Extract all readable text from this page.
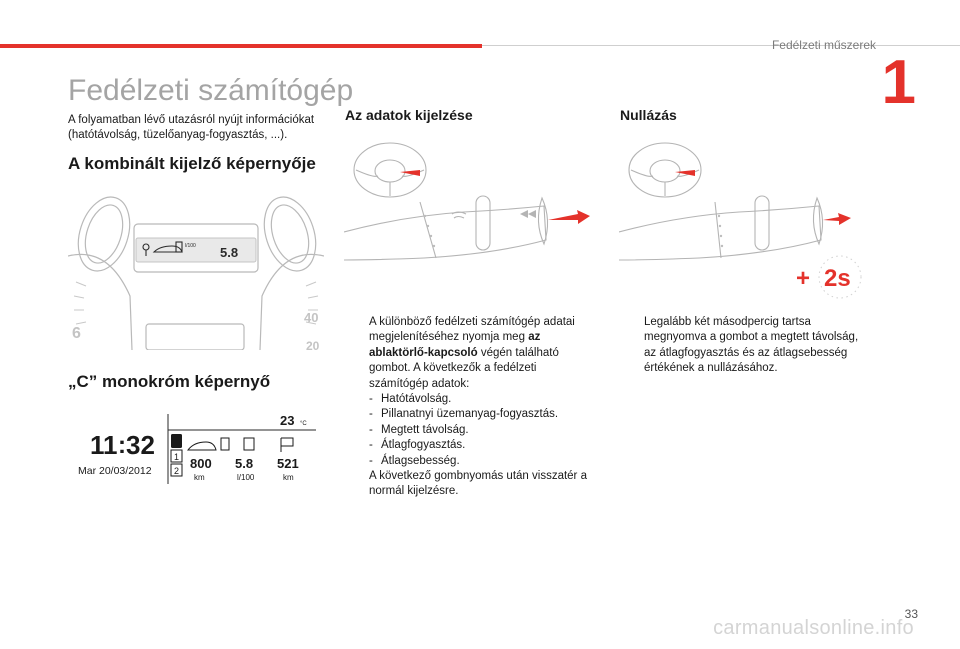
Fedélzeti műszerek
1
Fedélzeti számítógép

A folyamatban lévő utazásról nyújt információkat (hatótávolság, tüzelőanyag-fogyasztás, ...).

A kombinált kijelző képernyője
l/100 5.8
6
40
20
„C” monokróm képernyő
11 : 32
Mar 20/03/2012
23 °C
1
2 800
km
5.8
l/100
521
km
Az adatok kijelzése
A különböző fedélzeti számítógép adatai megjelenítéséhez nyomja meg az ablaktörlő-kapcsoló végén található gombot. A következők a fedélzeti számítógép adatok:
- Hatótávolság.
- Pillanatnyi üzemanyag-fogyasztás.
- Megtett távolság.
- Átlagfogyasztás.
- Átlagsebesség.
A következő gombnyomás után visszatér a normál kijelzésre.
Nullázás
+ 2s
Legalább két másodpercig tartsa megnyomva a gombot a megtett távolság, az átlagfogyasztás és az átlagsebesség értékének a nullázásához.
33
carmanualsonline.info
